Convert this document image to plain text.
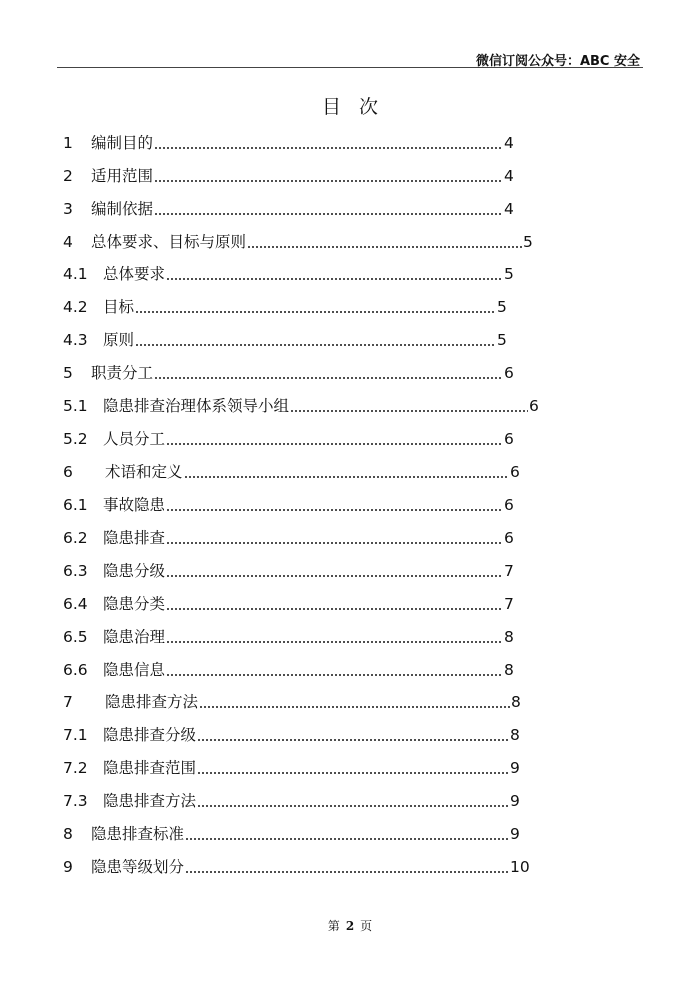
微信订阅公众号：ABC 安全
目次
1 编制目的	4
2 适用范围	4
3 编制依据	4
4 总体要求、目标与原则	5
4.1 总体要求	5
4.2 目标	5
4.3 原则	5
5 职责分工	6
5.1 隐患排查治理体系领导小组	6
5.2 人员分工	6
6 术语和定义	6
6.1 事故隐患	6
6.2 隐患排查	6
6.3 隐患分级	7
6.4 隐患分类	7
6.5 隐患治理	8
6.6 隐患信息	8
7 隐患排查方法	8
7.1 隐患排查分级	8
7.2 隐患排查范围	9
7.3 隐患排查方法	9
8 隐患排查标准	9
9 隐患等级划分	10
第 2 页
